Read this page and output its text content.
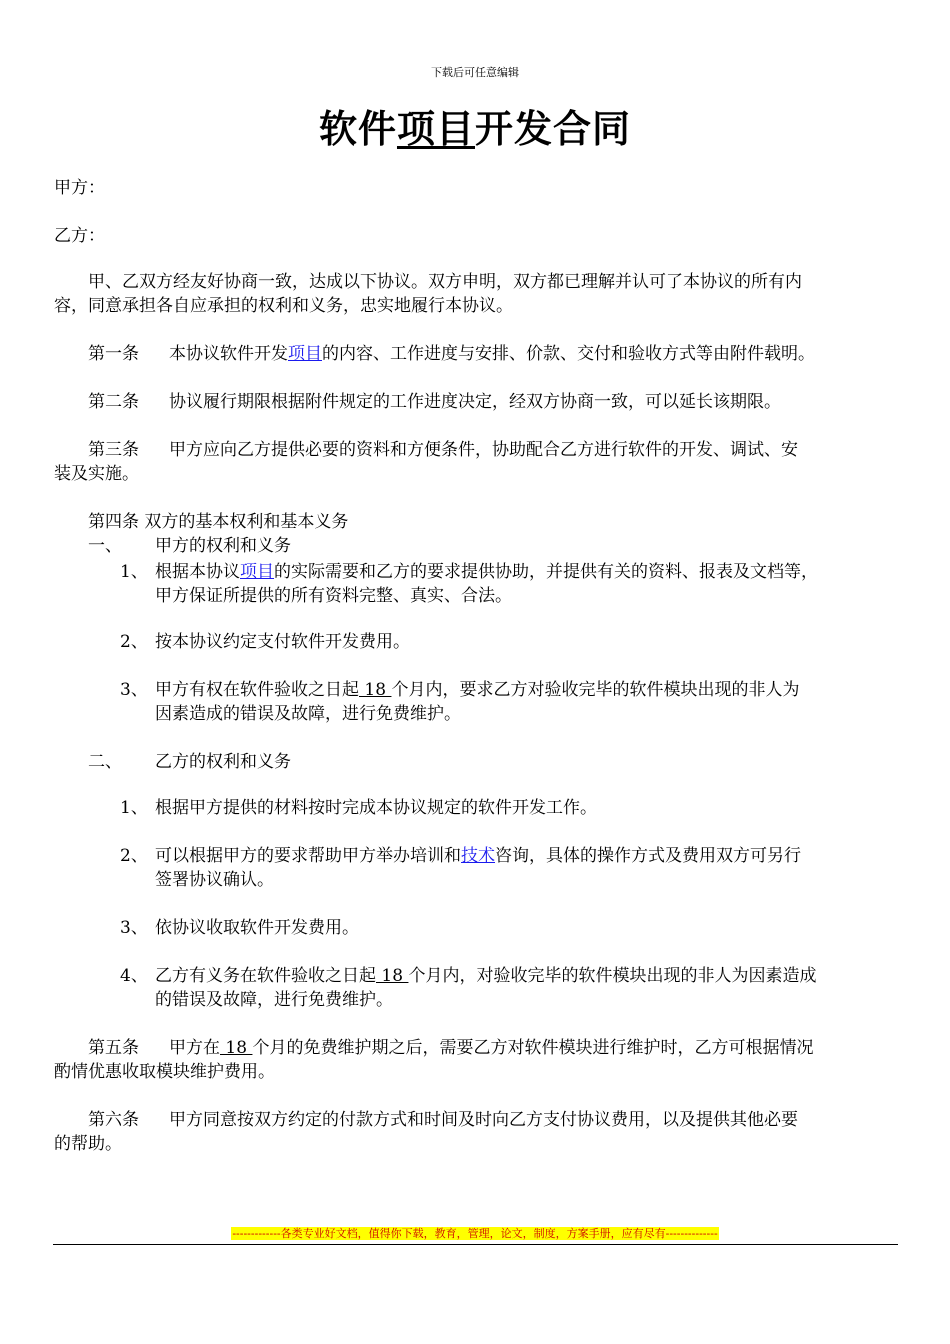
下载后可任意编辑
软件项目开发合同
甲方：
乙方：
甲、乙双方经友好协商一致，达成以下协议。双方申明，双方都已理解并认可了本协议的所有内
容，同意承担各自应承担的权利和义务，忠实地履行本协议。
第一条 本协议软件开发项目的内容、工作进度与安排、价款、交付和验收方式等由附件载明。
第二条 协议履行期限根据附件规定的工作进度决定，经双方协商一致，可以延长该期限。
第三条 甲方应向乙方提供必要的资料和方便条件，协助配合乙方进行软件的开发、调试、安
装及实施。
第四条 双方的基本权利和基本义务
一、 甲方的权利和义务
1、 根据本协议项目的实际需要和乙方的要求提供协助，并提供有关的资料、报表及文档等，
甲方保证所提供的所有资料完整、真实、合法。
2、 按本协议约定支付软件开发费用。
3、 甲方有权在软件验收之日起 18 个月内，要求乙方对验收完毕的软件模块出现的非人为
因素造成的错误及故障，进行免费维护。
二、 乙方的权利和义务
1、 根据甲方提供的材料按时完成本协议规定的软件开发工作。
2、 可以根据甲方的要求帮助甲方举办培训和技术咨询，具体的操作方式及费用双方可另行
签署协议确认。
3、 依协议收取软件开发费用。
4、 乙方有义务在软件验收之日起 18 个月内，对验收完毕的软件模块出现的非人为因素造成
的错误及故障，进行免费维护。
第五条 甲方在 18 个月的免费维护期之后，需要乙方对软件模块进行维护时，乙方可根据情况
酌情优惠收取模块维护费用。
第六条 甲方同意按双方约定的付款方式和时间及时向乙方支付协议费用，以及提供其他必要
的帮助。
-------------各类专业好文档，值得你下载，教育，管理，论文，制度，方案手册，应有尽有--------------
